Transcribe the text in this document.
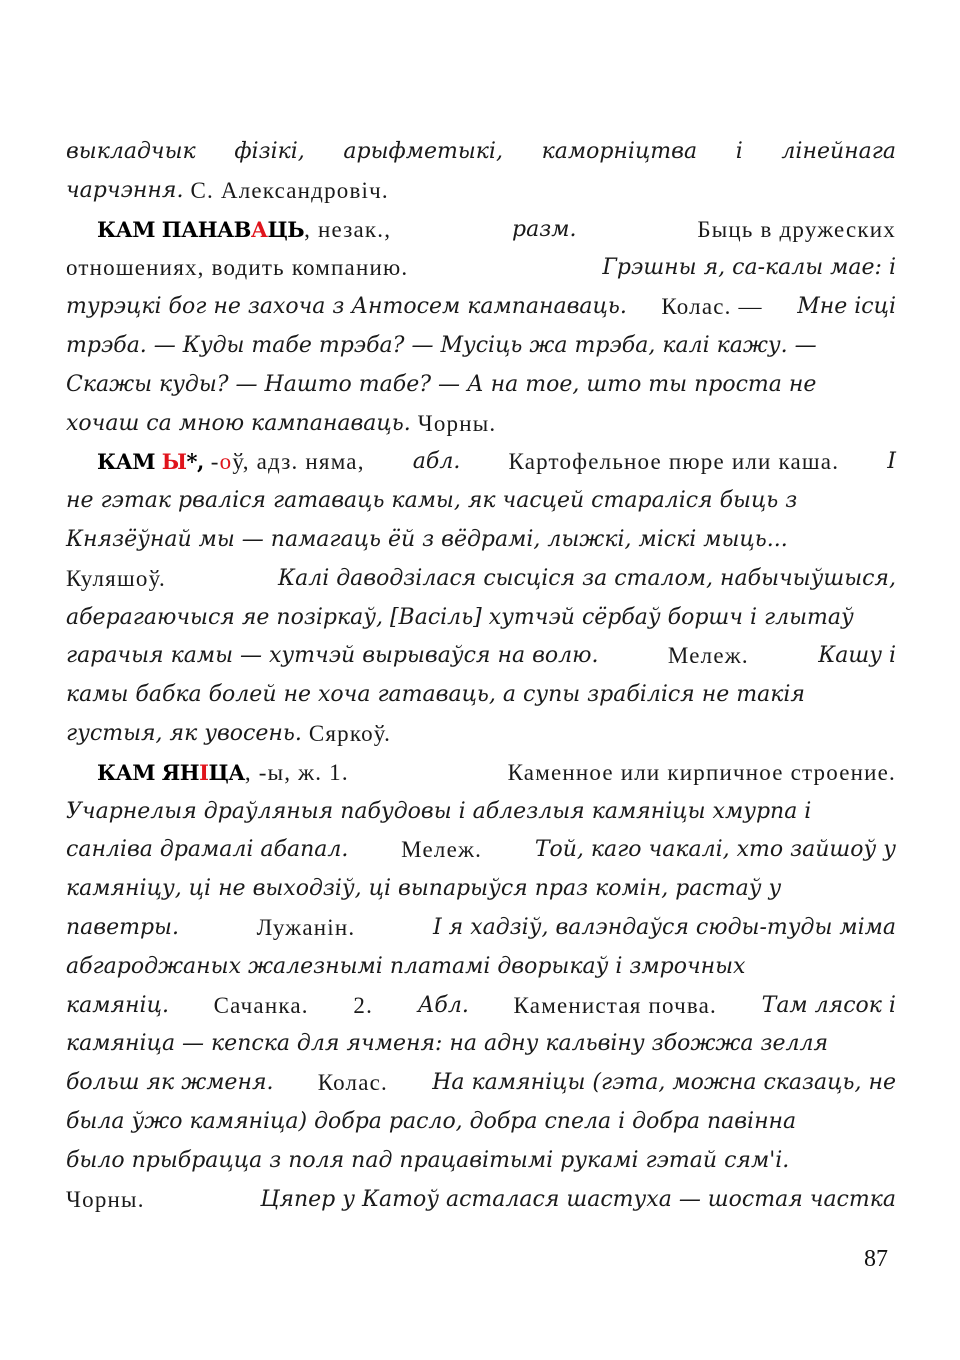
выкладчык фізікі, арыфметыкі, каморніцтва і лінейнага
чарчэння. С. Александровіч.
КАМ ПАНАВАЦЬ, незак.,	разм.	Быць в дружеских
отношениях, водить компанию.	Грэшны я, са-калы мае: і
турэцкі бог не захоча з Антосем кампанаваць. Колас. — Мне ісці
трэба. — Куды табе трэба? — Мусіць жа трэба, калі кажу. —
Скажы куды? — Нашто табе? — А на тое, што ты проста не
хочаш са мною кампанаваць. Чорны.
КАМ Ы*, -оў, адз. няма, абл. Картофельное пюре или каша. І
не гэтак рваліся гатаваць камы, як часцей стараліся быць з
Князёўнай мы — памагаць ёй з вёдрамі, лыжкі, міскі мыць...
Куляшоў.	Калі даводзілася сысціся за сталом, набычыўшыся,
аберагаючыся яе позіркаў, [Васіль] хутчэй сёрбаў боршч і глытаў
гарачыя камы — хутчэй вырываўся на волю.	Мележ.	Кашу і
камы бабка болей не хоча гатаваць, а супы зрабіліся не такія
густыя, як увосень. Сяркоў.
КАМ ЯНІЦА, -ы, ж. 1.	Каменное или кирпичное строение.
Учарнелыя драўляныя пабудовы і аблезлыя камяніцы хмурпа і
санліва драмалі абапал. Мележ. Той, каго чакалі, хто зайшоў у
камяніцу, ці не выходзіў, ці выпарыўся праз комін, растаў у
паветры.	Лужанін.	І я хадзіў, валэндаўся сюды-туды міма
абгароджаных жалезнымі платамі дворыкаў і змрочных
камяніц. Сачанка. 2. Абл. Каменистая почва. Там лясок і
камяніца — кепска для ячменя: на адну кальвіну збожжа зелля
больш як жменя. Колас. На камяніцы (гэта, можна сказаць, не
была ўжо камяніца) добра расло, добра спела і добра павінна
было прыбрацца з поля пад працавітымі рукамі гэтай сям'і.
Чорны.	Цяпер у Катоў асталася шастуха — шостая частка
87
